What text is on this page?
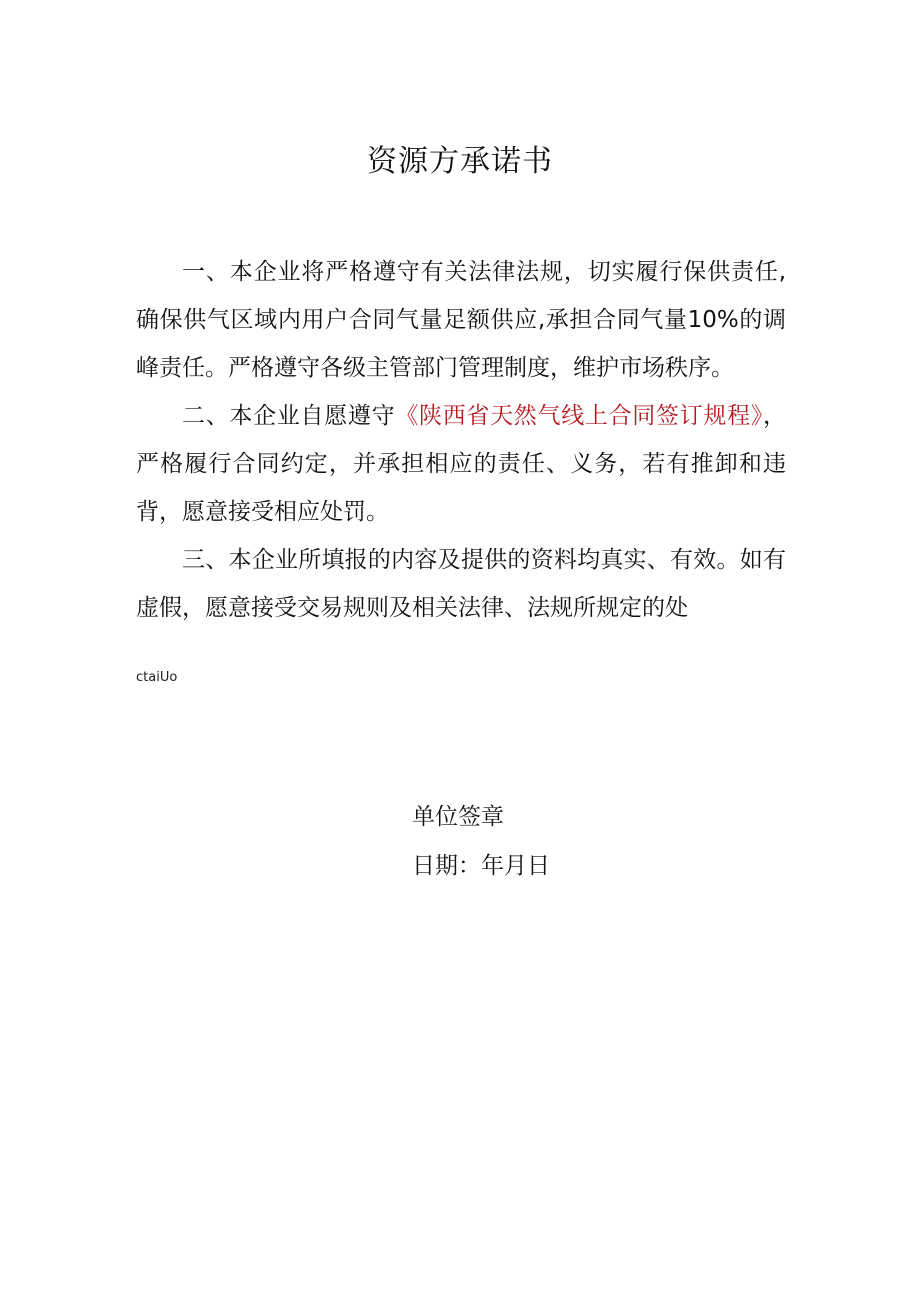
资源方承诺书

一、本企业将严格遵守有关法律法规，切实履行保供责任,确保供气区域内用户合同气量足额供应,承担合同气量10%的调峰责任。严格遵守各级主管部门管理制度，维护市场秩序。

二、本企业自愿遵守《陕西省天然气线上合同签订规程》，严格履行合同约定，并承担相应的责任、义务，若有推卸和违背，愿意接受相应处罚。

三、本企业所填报的内容及提供的资料均真实、有效。如有虚假，愿意接受交易规则及相关法律、法规所规定的处

ctaiUo
单位签章
日期：年月日
